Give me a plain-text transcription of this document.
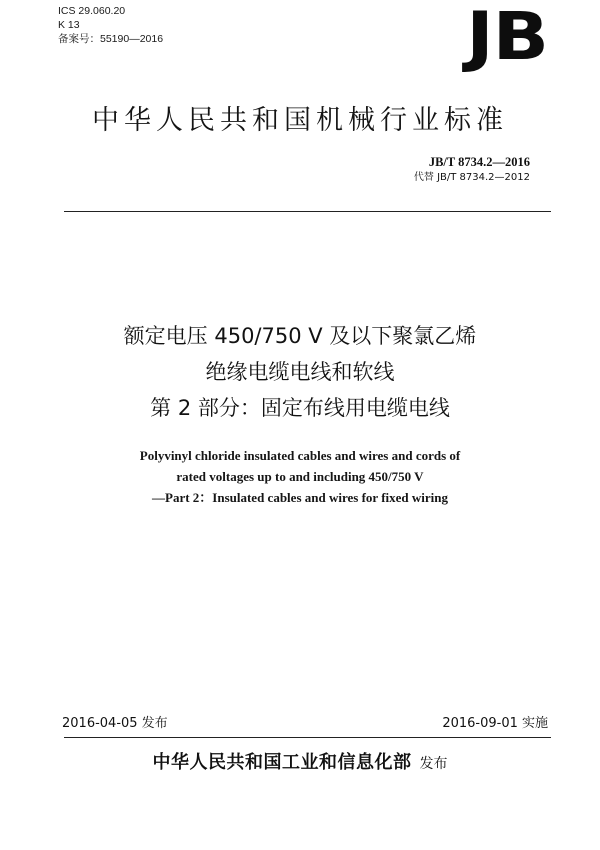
ICS 29.060.20
K 13
备案号：55190—2016	JB
中华人民共和国机械行业标准
JB/T 8734.2—2016
代替 JB/T 8734.2—2012
额定电压 450/750 V 及以下聚氯乙烯
绝缘电缆电线和软线
第 2 部分：固定布线用电缆电线
Polyvinyl chloride insulated cables and wires and cords of
rated voltages up to and including 450/750 V
—Part 2：Insulated cables and wires for fixed wiring
2016-04-05 发布	2016-09-01 实施
中华人民共和国工业和信息化部 发布
